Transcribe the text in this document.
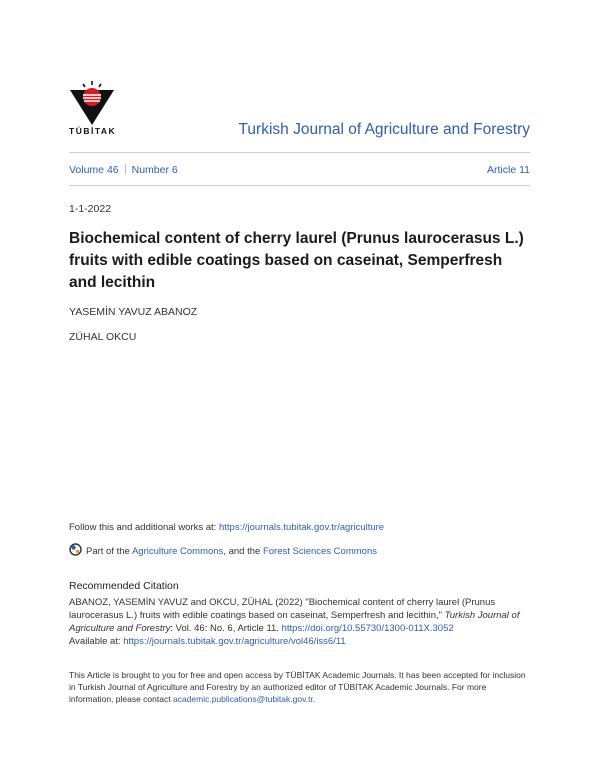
TÜBİTAK	Turkish Journal of Agriculture and Forestry
Volume 46 Number 6	Article 11
1-1-2022
Biochemical content of cherry laurel (Prunus laurocerasus L.) fruits with edible coatings based on caseinat, Semperfresh and lecithin
YASEMİN YAVUZ ABANOZ
ZÜHAL OKCU
Follow this and additional works at: https://journals.tubitak.gov.tr/agriculture
Part of the Agriculture Commons, and the Forest Sciences Commons
Recommended Citation
ABANOZ, YASEMİN YAVUZ and OKCU, ZÜHAL (2022) "Biochemical content of cherry laurel (Prunus laurocerasus L.) fruits with edible coatings based on caseinat, Semperfresh and lecithin," Turkish Journal of Agriculture and Forestry: Vol. 46: No. 6, Article 11. https://doi.org/10.55730/1300-011X.3052
Available at: https://journals.tubitak.gov.tr/agriculture/vol46/iss6/11
This Article is brought to you for free and open access by TÜBİTAK Academic Journals. It has been accepted for inclusion in Turkish Journal of Agriculture and Forestry by an authorized editor of TÜBİTAK Academic Journals. For more information, please contact academic.publications@tubitak.gov.tr.
